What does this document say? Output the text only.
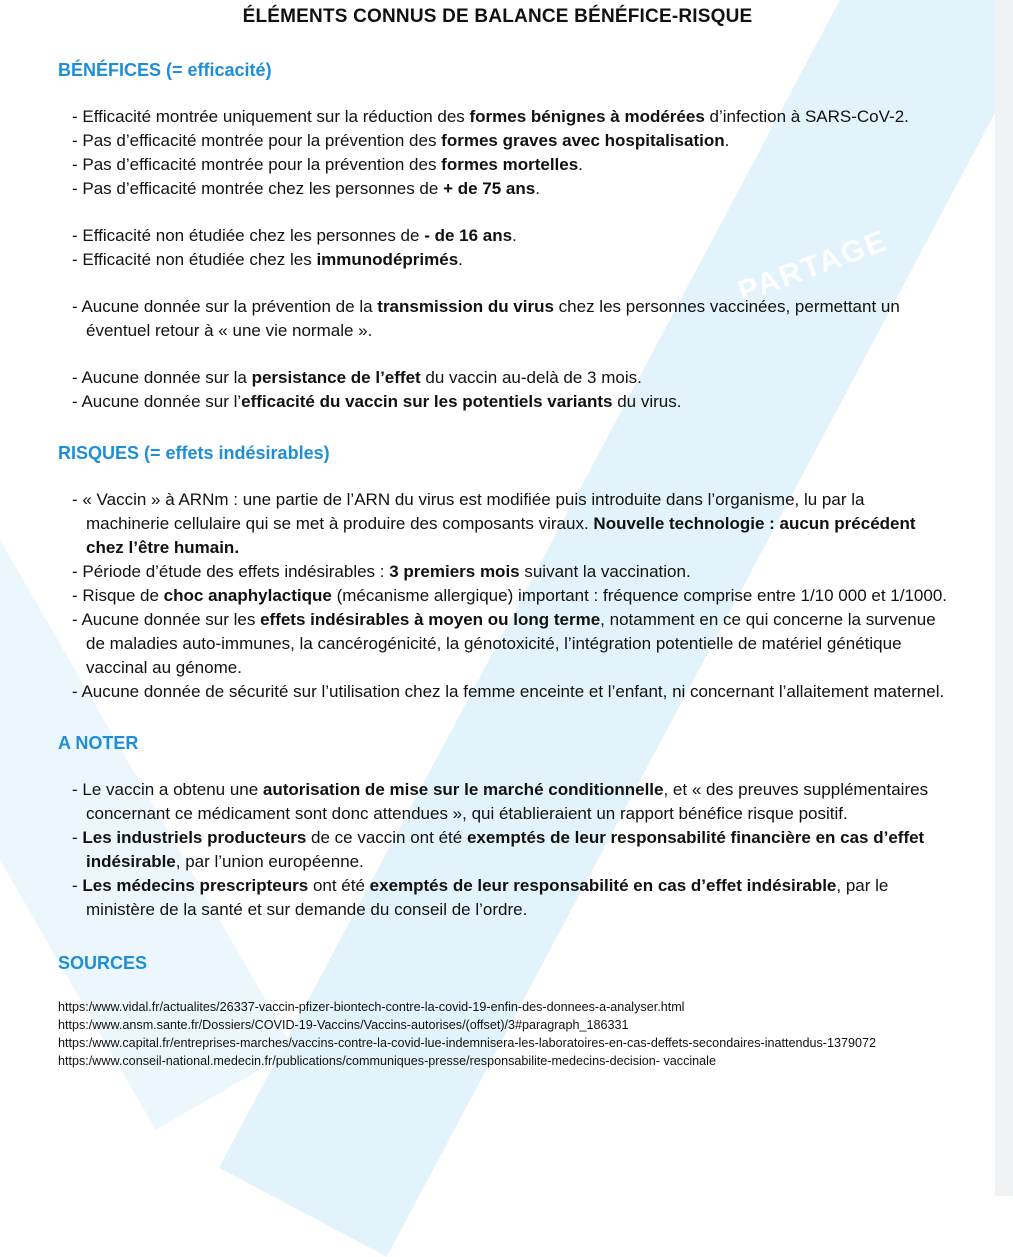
PARTAGE
ÉLÉMENTS CONNUS DE BALANCE BÉNÉFICE-RISQUE
BÉNÉFICES (= efficacité)
- Efficacité montrée uniquement sur la réduction des formes bénignes à modérées d’infection à SARS-CoV-2.
- Pas d’efficacité montrée pour la prévention des formes graves avec hospitalisation.
- Pas d’efficacité montrée pour la prévention des formes mortelles.
- Pas d’efficacité montrée chez les personnes de + de 75 ans.
- Efficacité non étudiée chez les personnes de - de 16 ans.
- Efficacité non étudiée chez les immunodéprimés.
- Aucune donnée sur la prévention de la transmission du virus chez les personnes vaccinées, permettant un éventuel retour à « une vie normale ».
- Aucune donnée sur la persistance de l’effet du vaccin au-delà de 3 mois.
- Aucune donnée sur l’efficacité du vaccin sur les potentiels variants du virus.
RISQUES (= effets indésirables)
- « Vaccin » à ARNm : une partie de l’ARN du virus est modifiée puis introduite dans l’organisme, lu par la machinerie cellulaire qui se met à produire des composants viraux. Nouvelle technologie : aucun précédent chez l’être humain.
- Période d’étude des effets indésirables : 3 premiers mois suivant la vaccination.
- Risque de choc anaphylactique (mécanisme allergique) important : fréquence comprise entre 1/10 000 et 1/1000.
- Aucune donnée sur les effets indésirables à moyen ou long terme, notamment en ce qui concerne la survenue de maladies auto-immunes, la cancérogénicité, la génotoxicité, l’intégration potentielle de matériel génétique vaccinal au génome.
- Aucune donnée de sécurité sur l’utilisation chez la femme enceinte et l’enfant, ni concernant l’allaitement maternel.
A NOTER
- Le vaccin a obtenu une autorisation de mise sur le marché conditionnelle, et « des preuves supplémentaires concernant ce médicament sont donc attendues », qui établieraient un rapport bénéfice risque positif.
- Les industriels producteurs de ce vaccin ont été exemptés de leur responsabilité financière en cas d’effet indésirable, par l’union européenne.
- Les médecins prescripteurs ont été exemptés de leur responsabilité en cas d’effet indésirable, par le ministère de la santé et sur demande du conseil de l’ordre.
SOURCES
https:/www.vidal.fr/actualites/26337-vaccin-pfizer-biontech-contre-la-covid-19-enfin-des-donnees-a-analyser.html
https:/www.ansm.sante.fr/Dossiers/COVID-19-Vaccins/Vaccins-autorises/(offset)/3#paragraph_186331
https:/www.capital.fr/entreprises-marches/vaccins-contre-la-covid-lue-indemnisera-les-laboratoires-en-cas-deffets-secondaires-inattendus-1379072
https:/www.conseil-national.medecin.fr/publications/communiques-presse/responsabilite-medecins-decision- vaccinale
